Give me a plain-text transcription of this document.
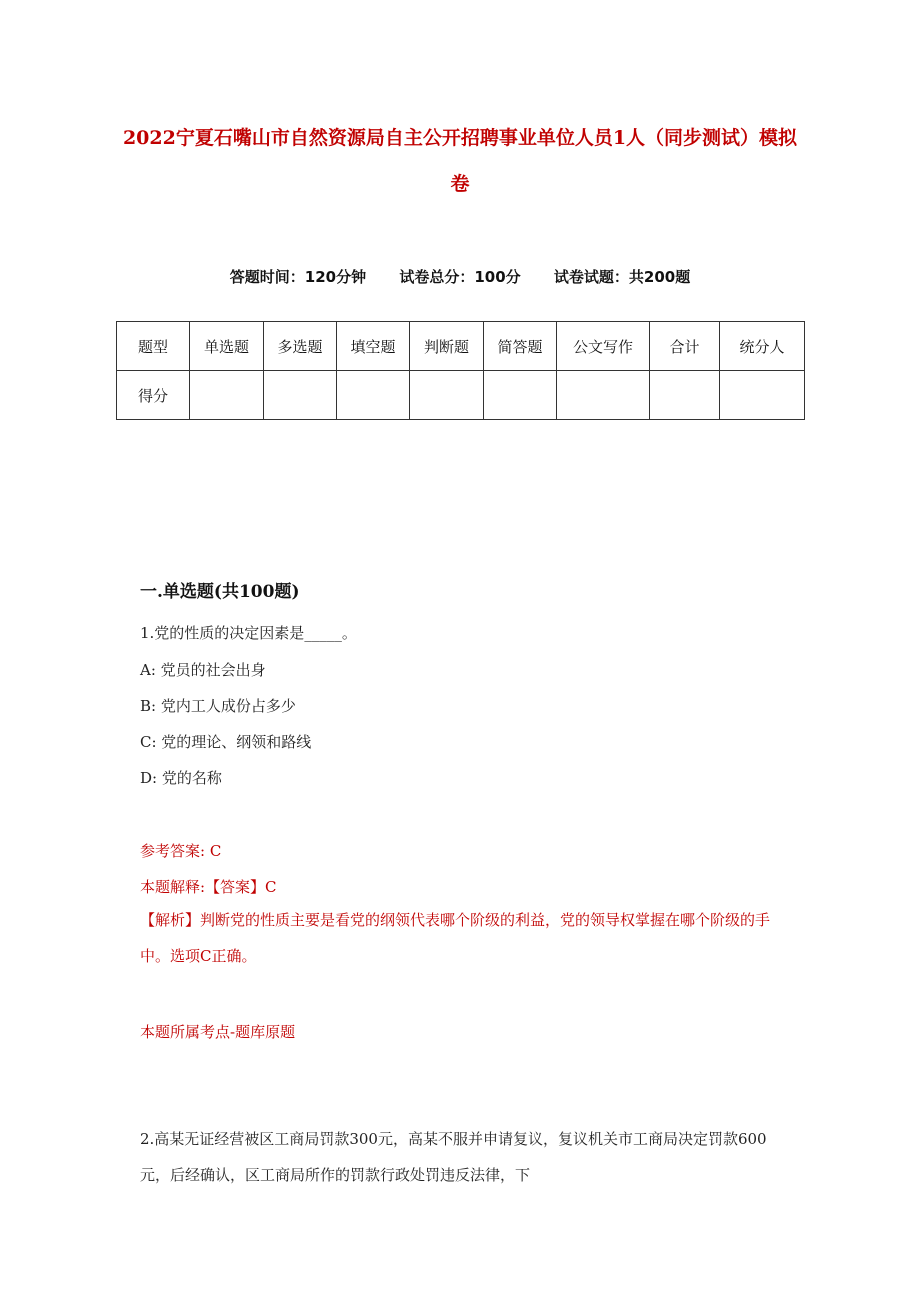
2022宁夏石嘴山市自然资源局自主公开招聘事业单位人员1人（同步测试）模拟卷
答题时间：120分钟 试卷总分：100分 试卷试题：共200题
题型	单选题	多选题	填空题	判断题	简答题	公文写作	合计	统分人
得分								
一.单选题(共100题)
1.党的性质的决定因素是_____。
A: 党员的社会出身
B: 党内工人成份占多少
C: 党的理论、纲领和路线
D: 党的名称
参考答案: C
本题解释:【答案】C
【解析】判断党的性质主要是看党的纲领代表哪个阶级的利益，党的领导权掌握在哪个阶级的手中。选项C正确。
本题所属考点-题库原题
2.高某无证经营被区工商局罚款300元，高某不服并申请复议，复议机关市工商局决定罚款600元，后经确认，区工商局所作的罚款行政处罚违反法律，下
